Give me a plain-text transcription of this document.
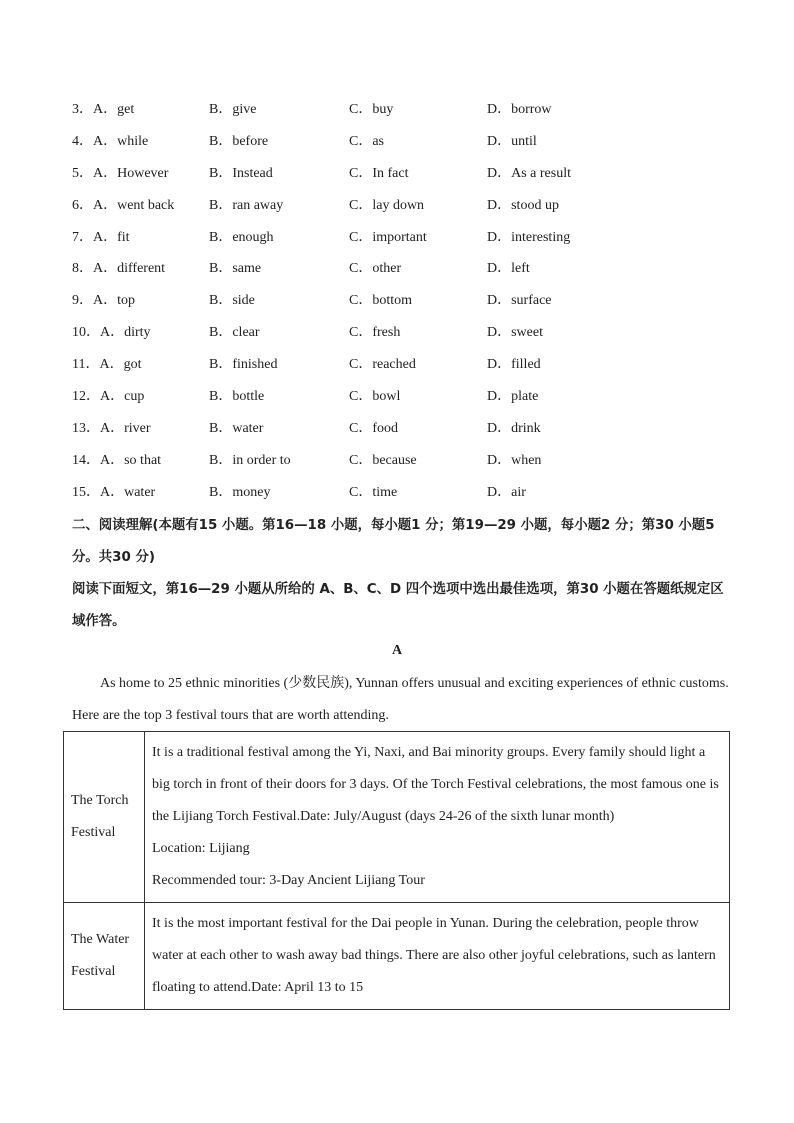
3．A．get	B．give	C．buy	D．borrow
4．A．while	B．before	C．as	D．until
5．A．However	B．Instead	C．In fact	D．As a result
6．A．went back B．ran away	C．lay down	D．stood up
7．A．fit	B．enough	C．important	D．interesting
8．A．different	B．same	C．other	D．left
9．A．top	B．side	C．bottom	D．surface
10．A．dirty	B．clear	C．fresh	D．sweet
11．A．got	B．finished	C．reached	D．filled
12．A．cup	B．bottle	C．bowl	D．plate
13．A．river	B．water	C．food	D．drink
14．A．so that	B．in order to	C．because	D．when
15．A．water	B．money	C．time	D．air
二、阅读理解(本题有15 小题。第16—18 小题，每小题1 分；第19—29 小题，每小题2 分；第30 小题5 分。共30 分)
阅读下面短文，第16—29 小题从所给的 A、B、C、D 四个选项中选出最佳选项，第30 小题在答题纸规定区域作答。
A
As home to 25 ethnic minorities (少数民族), Yunnan offers unusual and exciting experiences of ethnic customs. Here are the top 3 festival tours that are worth attending.
The Torch Festival	It is a traditional festival among the Yi, Naxi, and Bai minority groups. Every family should light a big torch in front of their doors for 3 days. Of the Torch Festival celebrations, the most famous one is the Lijiang Torch Festival.Date: July/August (days 24-26 of the sixth lunar month)

Location: Lijiang

Recommended tour: 3-Day Ancient Lijiang Tour

The Water Festival	It is the most important festival for the Dai people in Yunan. During the celebration, people throw water at each other to wash away bad things. There are also other joyful celebrations, such as lantern floating to attend.Date: April 13 to 15
